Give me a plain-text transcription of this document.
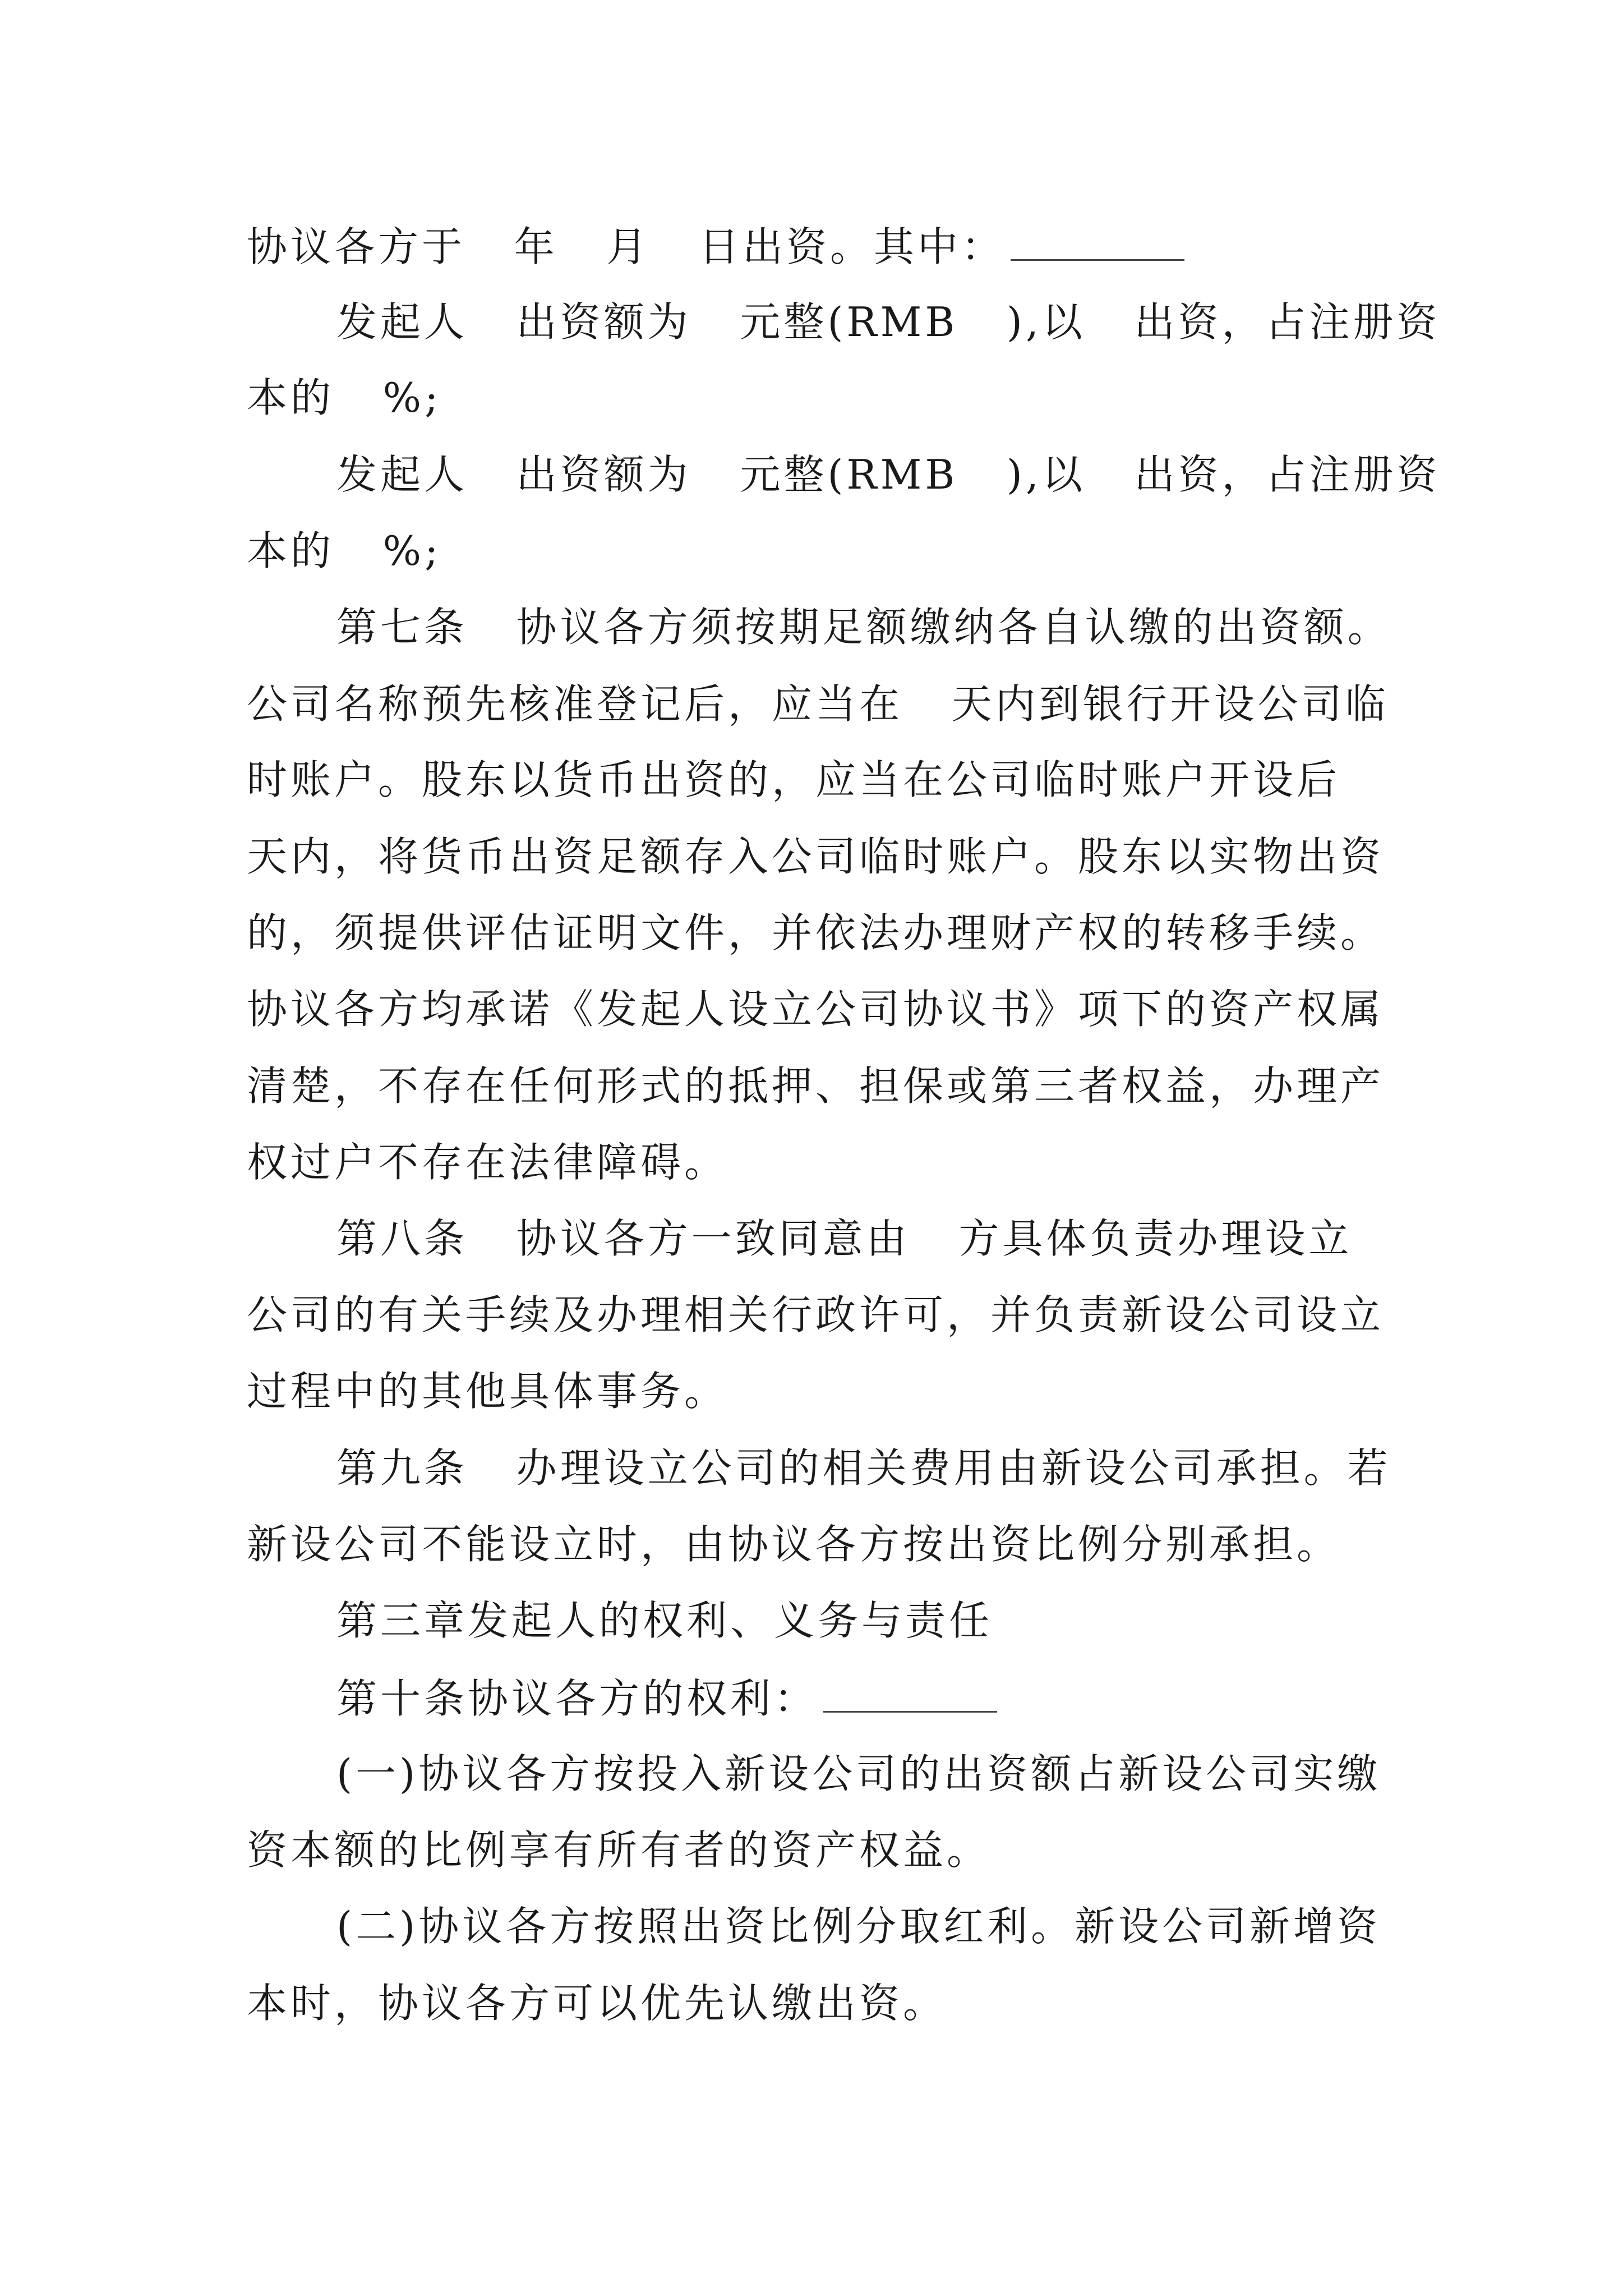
协议各方于   年   月   日出资。其中：
发起人   出资额为   元整(RMB   ),以   出资，占注册资
本的   %;
发起人   出资额为   元整(RMB   ),以   出资，占注册资
本的   %;
第七条   协议各方须按期足额缴纳各自认缴的出资额。
公司名称预先核准登记后，应当在   天内到银行开设公司临
时账户。股东以货币出资的，应当在公司临时账户开设后
天内，将货币出资足额存入公司临时账户。股东以实物出资
的，须提供评估证明文件，并依法办理财产权的转移手续。
协议各方均承诺《发起人设立公司协议书》项下的资产权属
清楚，不存在任何形式的抵押、担保或第三者权益，办理产
权过户不存在法律障碍。
第八条   协议各方一致同意由   方具体负责办理设立
公司的有关手续及办理相关行政许可，并负责新设公司设立
过程中的其他具体事务。
第九条   办理设立公司的相关费用由新设公司承担。若
新设公司不能设立时，由协议各方按出资比例分别承担。
第三章发起人的权利、义务与责任
第十条协议各方的权利：
(一)协议各方按投入新设公司的出资额占新设公司实缴
资本额的比例享有所有者的资产权益。
(二)协议各方按照出资比例分取红利。新设公司新增资
本时，协议各方可以优先认缴出资。
